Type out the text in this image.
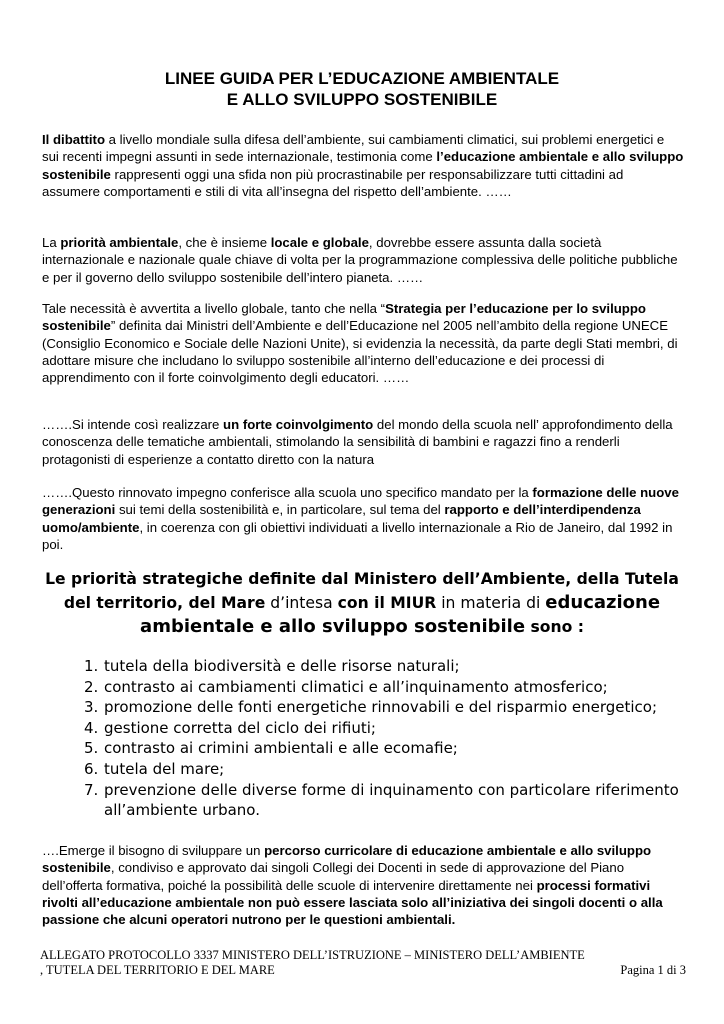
LINEE GUIDA PER L’EDUCAZIONE AMBIENTALE
E ALLO SVILUPPO SOSTENIBILE
Il dibattito a livello mondiale sulla difesa dell’ambiente, sui cambiamenti climatici, sui problemi energetici e sui recenti impegni assunti in sede internazionale, testimonia come l’educazione ambientale e allo sviluppo sostenibile rappresenti oggi una sfida non più procrastinabile per responsabilizzare tutti cittadini ad assumere comportamenti e stili di vita all’insegna del rispetto dell’ambiente. ……
La priorità ambientale, che è insieme locale e globale, dovrebbe essere assunta dalla società internazionale e nazionale quale chiave di volta per la programmazione complessiva delle politiche pubbliche e per il governo dello sviluppo sostenibile dell’intero pianeta. ……
Tale necessità è avvertita a livello globale, tanto che nella “Strategia per l’educazione per lo sviluppo sostenibile” definita dai Ministri dell’Ambiente e dell’Educazione nel 2005 nell’ambito della regione UNECE (Consiglio Economico e Sociale delle Nazioni Unite), si evidenzia la necessità, da parte degli Stati membri, di adottare misure che includano lo sviluppo sostenibile all’interno dell’educazione e dei processi di apprendimento con il forte coinvolgimento degli educatori. ……
…….Si intende così realizzare un forte coinvolgimento del mondo della scuola nell’ approfondimento della conoscenza delle tematiche ambientali, stimolando la sensibilità di bambini e ragazzi fino a renderli protagonisti di esperienze a contatto diretto con la natura
…….Questo rinnovato impegno conferisce alla scuola uno specifico mandato per la formazione delle nuove generazioni sui temi della sostenibilità e, in particolare, sul tema del rapporto e dell’interdipendenza uomo/ambiente, in coerenza con gli obiettivi individuati a livello internazionale a Rio de Janeiro, dal 1992 in poi.
Le priorità strategiche definite dal Ministero dell’Ambiente, della Tutela del territorio, del Mare d’intesa con il MIUR in materia di educazione ambientale e allo sviluppo sostenibile sono :
1. tutela della biodiversità e delle risorse naturali;
2. contrasto ai cambiamenti climatici e all’inquinamento atmosferico;
3. promozione delle fonti energetiche rinnovabili e del risparmio energetico;
4. gestione corretta del ciclo dei rifiuti;
5. contrasto ai crimini ambientali e alle ecomafie;
6. tutela del mare;
7. prevenzione delle diverse forme di inquinamento con particolare riferimento all’ambiente urbano.
….Emerge il bisogno di sviluppare un percorso curricolare di educazione ambientale e allo sviluppo sostenibile, condiviso e approvato dai singoli Collegi dei Docenti in sede di approvazione del Piano dell’offerta formativa, poiché la possibilità delle scuole di intervenire direttamente nei processi formativi rivolti all’educazione ambientale non può essere lasciata solo all’iniziativa dei singoli docenti o alla passione che alcuni operatori nutrono per le questioni ambientali.
ALLEGATO PROTOCOLLO 3337 MINISTERO DELL’ISTRUZIONE – MINISTERO DELL’AMBIENTE
, TUTELA DEL TERRITORIO E DEL MARE	Pagina 1 di 3
